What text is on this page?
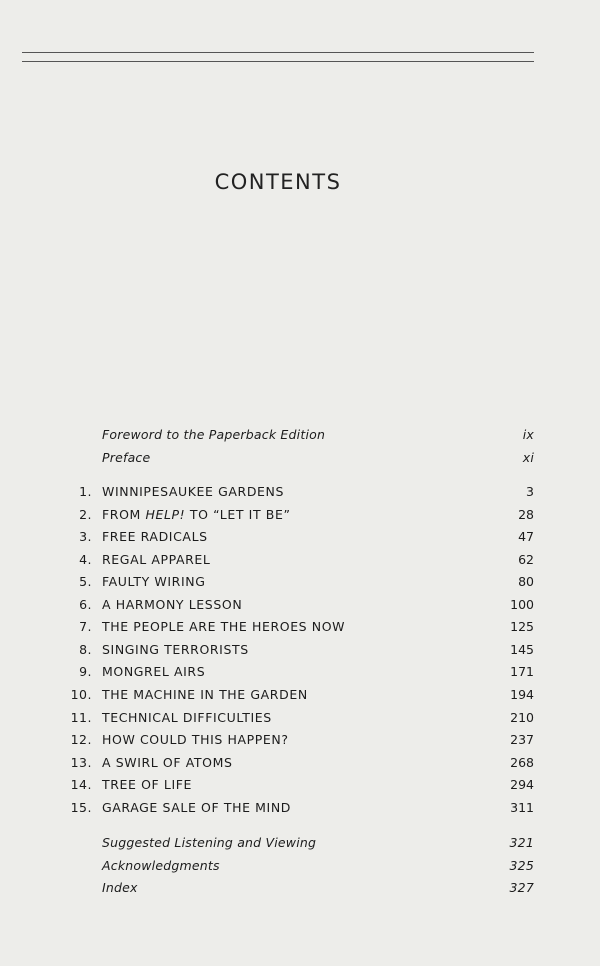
CONTENTS
Foreword to the Paperback Edition	ix
Preface	xi
1. WINNIPESAUKEE GARDENS	3
2. FROM HELP! TO “LET IT BE”	28
3. FREE RADICALS	47
4. REGAL APPAREL	62
5. FAULTY WIRING	80
6. A HARMONY LESSON	100
7. THE PEOPLE ARE THE HEROES NOW	125
8. SINGING TERRORISTS	145
9. MONGREL AIRS	171
10. THE MACHINE IN THE GARDEN	194
11. TECHNICAL DIFFICULTIES	210
12. HOW COULD THIS HAPPEN?	237
13. A SWIRL OF ATOMS	268
14. TREE OF LIFE	294
15. GARAGE SALE OF THE MIND	311
Suggested Listening and Viewing	321
Acknowledgments	325
Index	327
